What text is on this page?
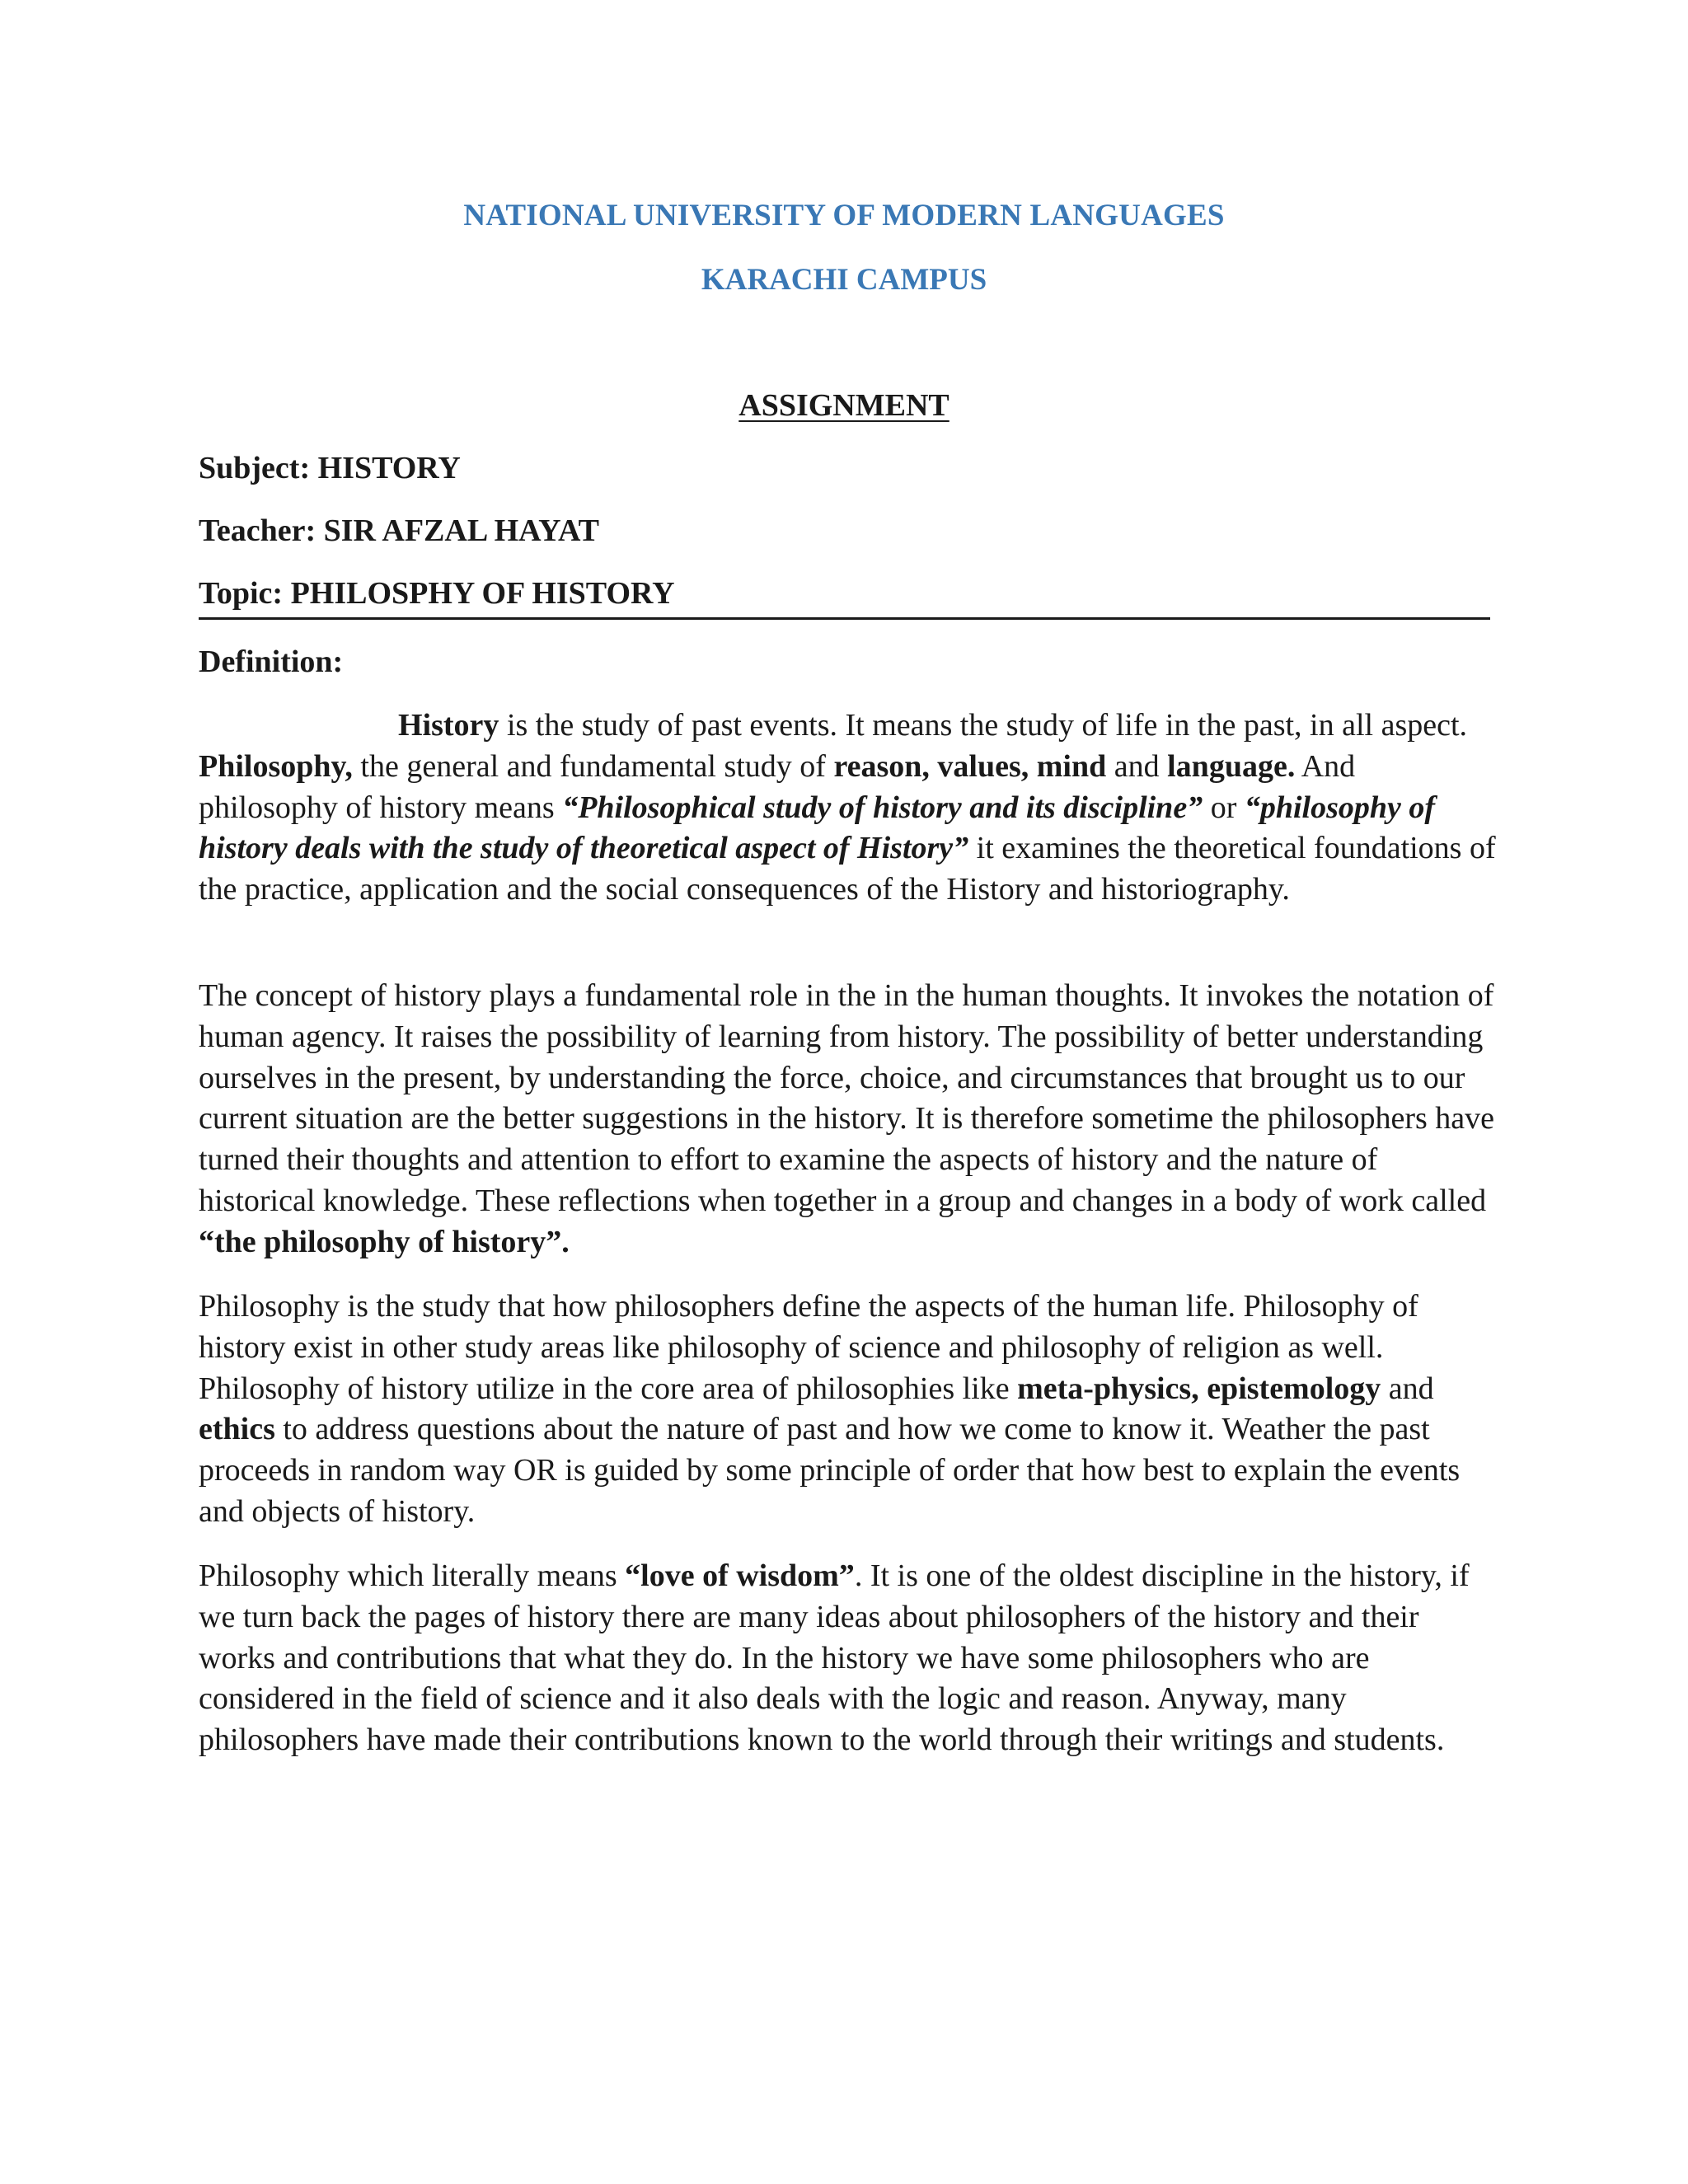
NATIONAL UNIVERSITY OF MODERN LANGUAGES
KARACHI CAMPUS
ASSIGNMENT
Subject: HISTORY
Teacher: SIR AFZAL HAYAT
Topic: PHILOSPHY OF HISTORY
Definition:

History is the study of past events. It means the study of life in the past, in all aspect. Philosophy, the general and fundamental study of reason, values, mind and language. And philosophy of history means “Philosophical study of history and its discipline” or “philosophy of history deals with the study of theoretical aspect of History” it examines the theoretical foundations of the practice, application and the social consequences of the History and historiography.

The concept of history plays a fundamental role in the in the human thoughts. It invokes the notation of human agency. It raises the possibility of learning from history. The possibility of better understanding ourselves in the present, by understanding the force, choice, and circumstances that brought us to our current situation are the better suggestions in the history. It is therefore sometime the philosophers have turned their thoughts and attention to effort to examine the aspects of history and the nature of historical knowledge. These reflections when together in a group and changes in a body of work called “the philosophy of history”.

Philosophy is the study that how philosophers define the aspects of the human life. Philosophy of history exist in other study areas like philosophy of science and philosophy of religion as well. Philosophy of history utilize in the core area of philosophies like meta-physics, epistemology and ethics to address questions about the nature of past and how we come to know it. Weather the past proceeds in random way OR is guided by some principle of order that how best to explain the events and objects of history.

Philosophy which literally means “love of wisdom”. It is one of the oldest discipline in the history, if we turn back the pages of history there are many ideas about philosophers of the history and their works and contributions that what they do. In the history we have some philosophers who are considered in the field of science and it also deals with the logic and reason. Anyway, many philosophers have made their contributions known to the world through their writings and students.
